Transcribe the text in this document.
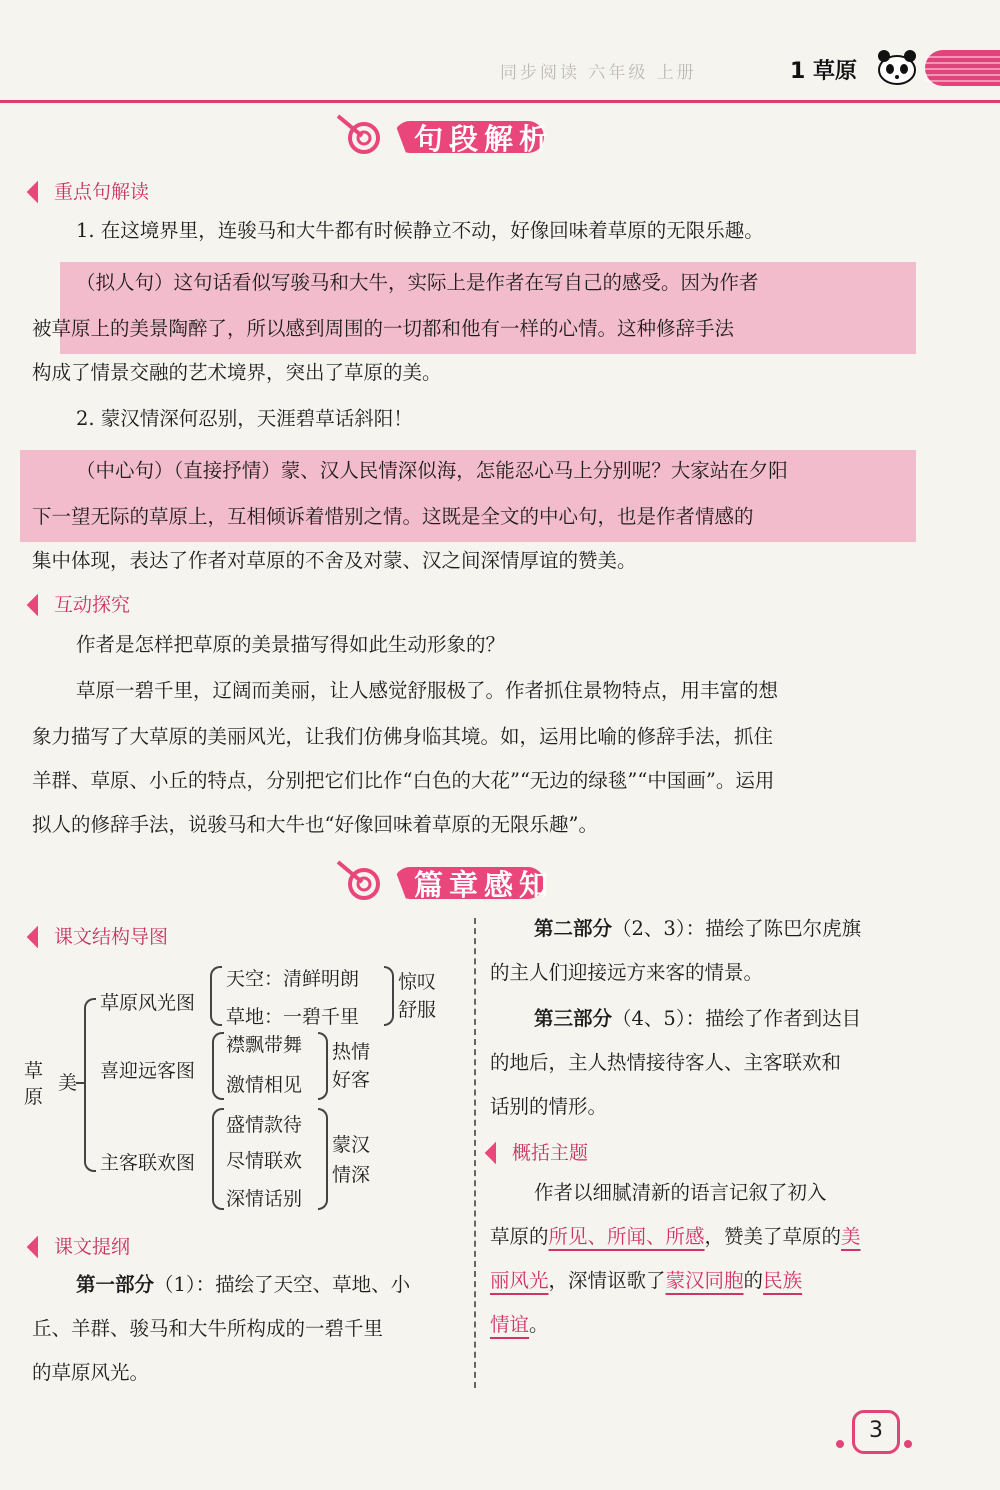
同步阅读 六年级 上册	1 草原
句段解析
重点句解读
1. 在这境界里，连骏马和大牛都有时候静立不动，好像回味着草原的无限乐趣。
（拟人句）这句话看似写骏马和大牛，实际上是作者在写自己的感受。因为作者
被草原上的美景陶醉了，所以感到周围的一切都和他有一样的心情。这种修辞手法
构成了情景交融的艺术境界，突出了草原的美。
2. 蒙汉情深何忍别，天涯碧草话斜阳！
（中心句）（直接抒情）蒙、汉人民情深似海，怎能忍心马上分别呢？大家站在夕阳
下一望无际的草原上，互相倾诉着惜别之情。这既是全文的中心句，也是作者情感的
集中体现，表达了作者对草原的不舍及对蒙、汉之间深情厚谊的赞美。
互动探究
作者是怎样把草原的美景描写得如此生动形象的？
草原一碧千里，辽阔而美丽，让人感觉舒服极了。作者抓住景物特点，用丰富的想
象力描写了大草原的美丽风光，让我们仿佛身临其境。如，运用比喻的修辞手法，抓住
羊群、草原、小丘的特点，分别把它们比作“白色的大花”“无边的绿毯”“中国画”。运用
拟人的修辞手法，说骏马和大牛也“好像回味着草原的无限乐趣”。
篇章感知
课文结构导图
草
原
美
草原风光图
天空：清鲜明朗
草地：一碧千里
惊叹
舒服
喜迎远客图
襟飘带舞
激情相见
热情
好客
主客联欢图
盛情款待
尽情联欢
深情话别
蒙汉
情深
课文提纲
第一部分（1）：描绘了天空、草地、小
丘、羊群、骏马和大牛所构成的一碧千里
的草原风光。
第二部分（2、3）：描绘了陈巴尔虎旗
的主人们迎接远方来客的情景。
第三部分（4、5）：描绘了作者到达目
的地后，主人热情接待客人、主客联欢和
话别的情形。
概括主题
作者以细腻清新的语言记叙了初入
草原的所见、所闻、所感，赞美了草原的美
丽风光，深情讴歌了蒙汉同胞的民族
情谊。
3
